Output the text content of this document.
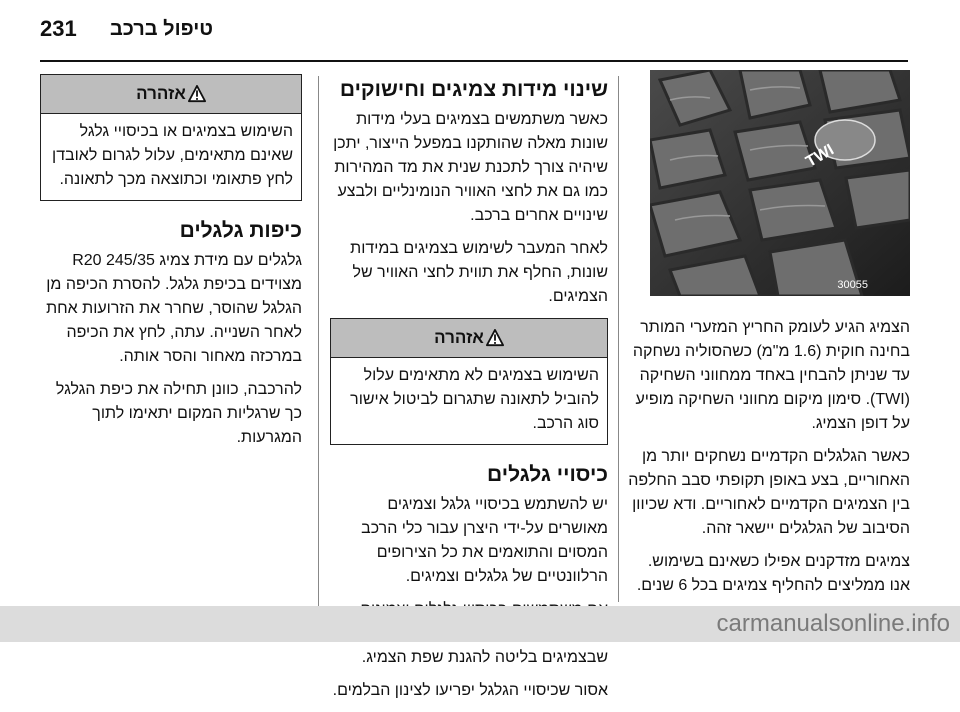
231 טיפול ברכב
TWI
30055

הצמיג הגיע לעומק החריץ המזערי המותר בחינה חוקית (1.6 מ"מ) כשהסוליה נשחקה עד שניתן להבחין באחד ממחווני השחיקה (TWI). סימון מיקום מחווני השחיקה מופיע על דופן הצמיג.

כאשר הגלגלים הקדמיים נשחקים יותר מן האחוריים, בצע באופן תקופתי סבב החלפה בין הצמיגים הקדמיים לאחוריים. ודא שכיוון הסיבוב של הגלגלים יישאר זהה.

צמיגים מזדקנים אפילו כשאינם בשימוש. אנו ממליצים להחליף צמיגים בכל 6 שנים.

שינוי מידות צמיגים וחישוקים

כאשר משתמשים בצמיגים בעלי מידות שונות מאלה שהותקנו במפעל הייצור, יתכן שיהיה צורך לתכנת שנית את מד המהירות כמו גם את לחצי האוויר הנומינליים ולבצע שינויים אחרים ברכב.

לאחר המעבר לשימוש בצמיגים במידות שונות, החלף את תווית לחצי האוויר של הצמיגים.

אזהרה
השימוש בצמיגים לא מתאימים עלול להוביל לתאונה שתגרום לביטול אישור סוג הרכב.
כיסויי גלגלים

יש להשתמש בכיסויי גלגל וצמיגים מאושרים על-ידי היצרן עבור כלי הרכב המסוים והתואמים את כל הצירופים הרלוונטיים של גלגלים וצמיגים.

שבצמיגים בליטה להגנת שפת הצמיג.

אסור שכיסויי הגלגל יפריעו לצינון הבלמים.

אזהרה
השימוש בצמיגים או בכיסויי גלגל שאינם מתאימים, עלול לגרום לאובדן לחץ פתאומי וכתוצאה מכך לתאונה.
כיפות גלגלים

גלגלים עם מידת צמיג 245/35 R20 מצוידים בכיפת גלגל. להסרת הכיפה מן הגלגל שהוסר, שחרר את הזרועות אחת לאחר השנייה. עתה, לחץ את הכיפה במרכזה מאחור והסר אותה.

להרכבה, כוונן תחילה את כיפת הגלגל כך שרגליות המקום יתאימו לתוך המגרעות.

carmanualsonline.info
